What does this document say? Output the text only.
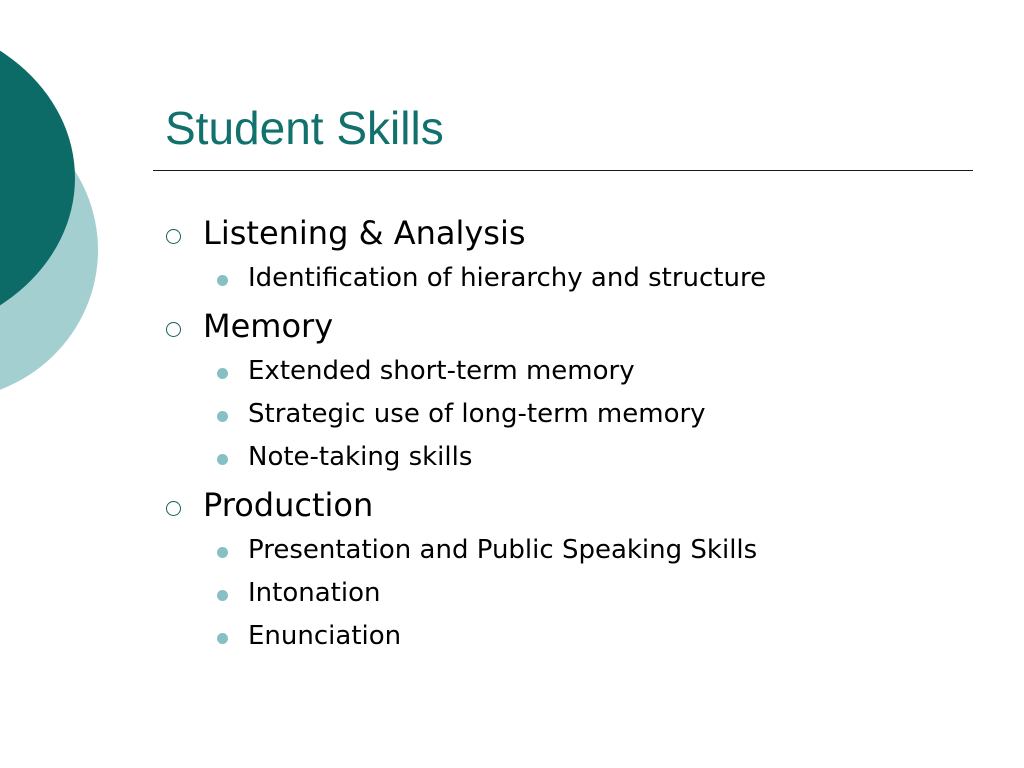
Student Skills
Listening & Analysis
Identification of hierarchy and structure
Memory
Extended short-term memory
Strategic use of long-term memory
Note-taking skills
Production
Presentation and Public Speaking Skills
Intonation
Enunciation
